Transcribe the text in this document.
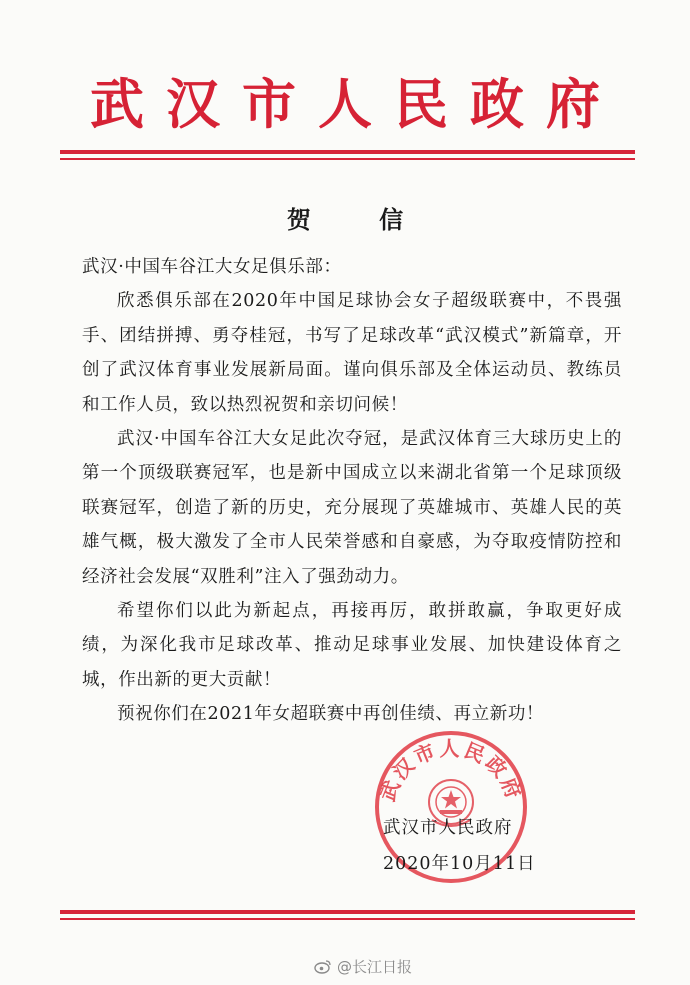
武汉市人民政府
贺 信

武汉·中国车谷江大女足俱乐部：

欣悉俱乐部在2020年中国足球协会女子超级联赛中，不畏强手、团结拼搏、勇夺桂冠，书写了足球改革“武汉模式”新篇章，开创了武汉体育事业发展新局面。谨向俱乐部及全体运动员、教练员和工作人员，致以热烈祝贺和亲切问候！

武汉·中国车谷江大女足此次夺冠，是武汉体育三大球历史上的第一个顶级联赛冠军，也是新中国成立以来湖北省第一个足球顶级联赛冠军，创造了新的历史，充分展现了英雄城市、英雄人民的英雄气概，极大激发了全市人民荣誉感和自豪感，为夺取疫情防控和经济社会发展“双胜利”注入了强劲动力。

希望你们以此为新起点，再接再厉，敢拼敢赢，争取更好成绩，为深化我市足球改革、推动足球事业发展、加快建设体育之城，作出新的更大贡献！

预祝你们在2021年女超联赛中再创佳绩、再立新功！

武汉市人民政府
武汉市人民政府
2020年10月11日
@长江日报
